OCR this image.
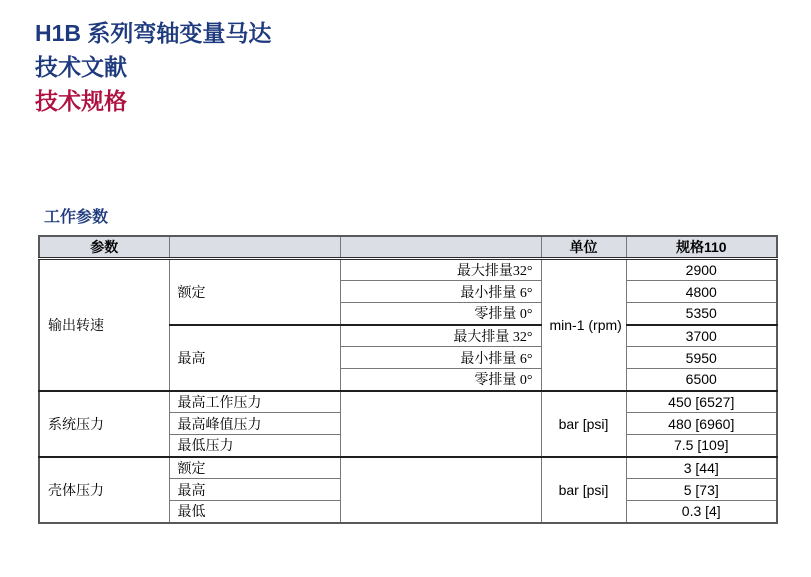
H1B 系列弯轴变量马达
技术文献
技术规格
工作参数
参数			单位	规格110
输出转速	额定	最大排量32°	min-1 (rpm)	2900
		最小排量 6°		4800
		零排量 0°		5350
	最高	最大排量 32°		3700
		最小排量 6°		5950
		零排量 0°		6500
系统压力	最高工作压力		bar [psi]	450 [6527]
	最高峰值压力			480 [6960]
	最低压力			7.5 [109]
壳体压力	额定		bar [psi]	3 [44]
	最高			5 [73]
	最低			0.3 [4]
